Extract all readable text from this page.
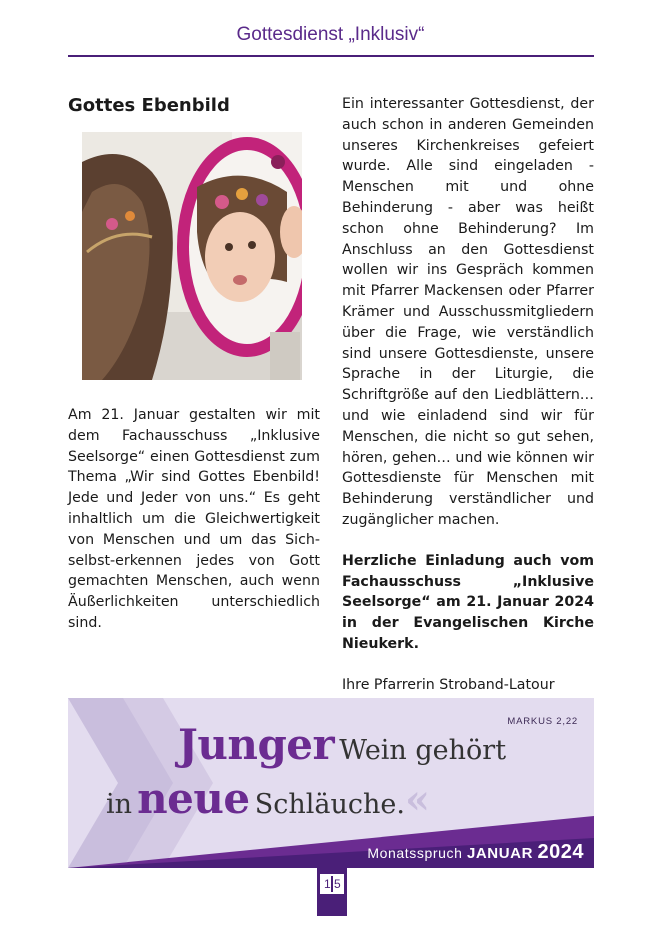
Gottesdienst „Inklusiv“
Gottes Ebenbild

Am 21. Januar gestalten wir mit dem Fachausschuss „Inklusive Seelsorge“ einen Gottesdienst zum Thema „Wir sind Gottes Ebenbild! Jede und Jeder von uns.“ Es geht inhaltlich um die Gleichwertigkeit von Menschen und um das Sich-selbst-erkennen jedes von Gott gemachten Menschen, auch wenn Äußerlichkeiten unterschiedlich sind.

Ein interessanter Gottesdienst, der auch schon in anderen Gemeinden unseres Kirchenkreises gefeiert wurde. Alle sind eingeladen - Menschen mit und ohne Behinderung - aber was heißt schon ohne Behinderung? Im Anschluss an den Gottesdienst wollen wir ins Gespräch kommen mit Pfarrer Mackensen oder Pfarrer Krämer und Ausschussmitgliedern über die Frage, wie verständlich sind unsere Gottesdienste, unsere Sprache in der Liturgie, die Schriftgröße auf den Liedblättern… und wie einladend sind wir für Menschen, die nicht so gut sehen, hören, gehen… und wie können wir Gottesdienste für Menschen mit Behinderung verständlicher und zugänglicher machen.

Herzliche Einladung auch vom Fachausschuss „Inklusive Seelsorge“ am 21. Januar 2024 in der Evangelischen Kirche Nieukerk.

Ihre Pfarrerin Stroband-Latour

MARKUS 2,22
Junger Wein gehört
in neue Schläuche.«
Monatsspruch JANUAR 2024
1 5
